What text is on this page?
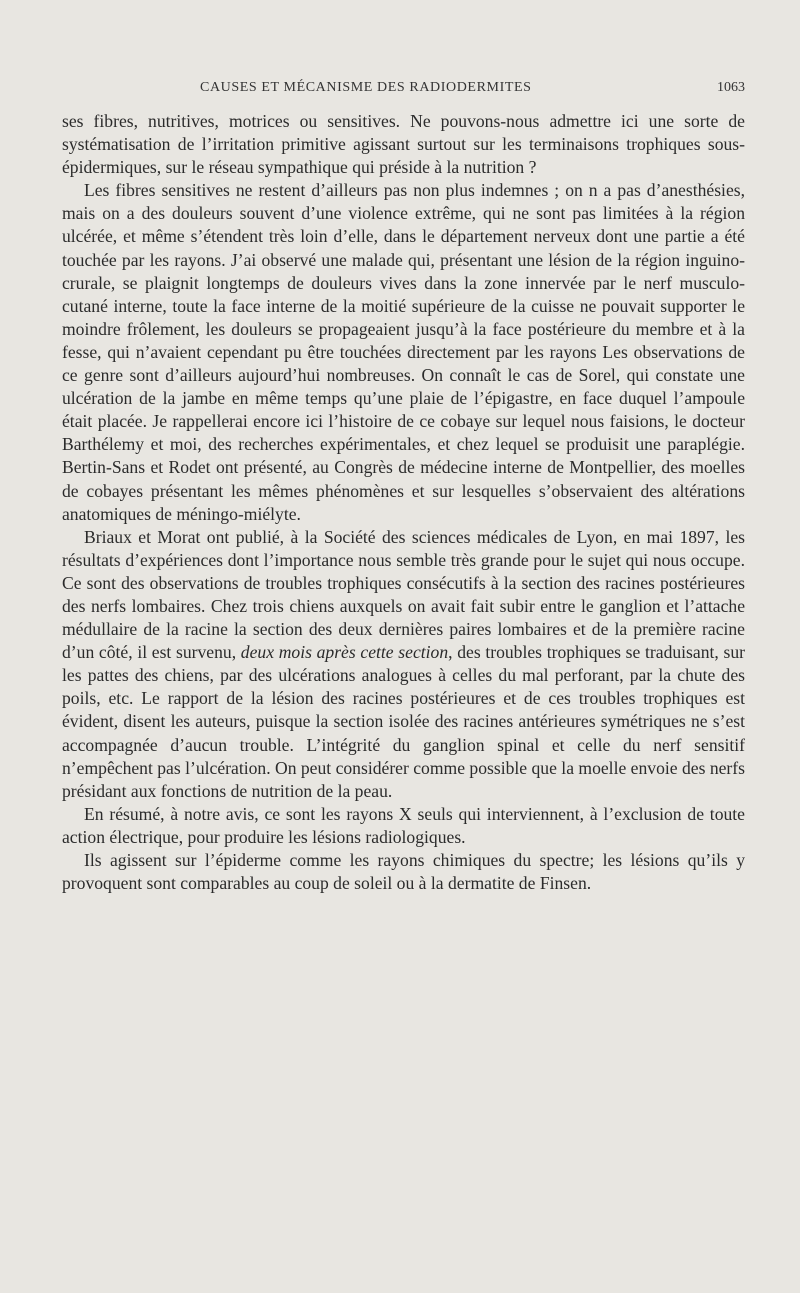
CAUSES ET MÉCANISME DES RADIODERMITES	1063

ses fibres, nutritives, motrices ou sensitives. Ne pouvons-nous admettre ici une sorte de systématisation de l’irritation primitive agissant surtout sur les terminaisons trophiques sous-épidermiques, sur le réseau sympathique qui préside à la nutrition ?

Les fibres sensitives ne restent d’ailleurs pas non plus indemnes ; on n a pas d’anesthésies, mais on a des douleurs souvent d’une violence extrême, qui ne sont pas limitées à la région ulcérée, et même s’étendent très loin d’elle, dans le département nerveux dont une partie a été touchée par les rayons. J’ai observé une malade qui, présentant une lésion de la région inguino-crurale, se plaignit longtemps de douleurs vives dans la zone innervée par le nerf musculo-cutané interne, toute la face interne de la moitié supérieure de la cuisse ne pouvait supporter le moindre frôlement, les douleurs se propageaient jusqu’à la face postérieure du membre et à la fesse, qui n’avaient cependant pu être touchées directement par les rayons Les observations de ce genre sont d’ailleurs aujourd’hui nombreuses. On connaît le cas de Sorel, qui constate une ulcération de la jambe en même temps qu’une plaie de l’épigastre, en face duquel l’ampoule était placée. Je rappellerai encore ici l’histoire de ce cobaye sur lequel nous faisions, le docteur Barthélemy et moi, des recherches expérimentales, et chez lequel se produisit une paraplégie. Bertin-Sans et Rodet ont présenté, au Congrès de médecine interne de Montpellier, des moelles de cobayes présentant les mêmes phénomènes et sur lesquelles s’observaient des altérations anatomiques de méningo-miélyte.

Briaux et Morat ont publié, à la Société des sciences médicales de Lyon, en mai 1897, les résultats d’expériences dont l’importance nous semble très grande pour le sujet qui nous occupe. Ce sont des observations de troubles trophiques consécutifs à la section des racines postérieures des nerfs lombaires. Chez trois chiens auxquels on avait fait subir entre le ganglion et l’attache médullaire de la racine la section des deux dernières paires lombaires et de la première racine d’un côté, il est survenu, deux mois après cette section, des troubles trophiques se traduisant, sur les pattes des chiens, par des ulcérations analogues à celles du mal perforant, par la chute des poils, etc. Le rapport de la lésion des racines postérieures et de ces troubles trophiques est évident, disent les auteurs, puisque la section isolée des racines antérieures symétriques ne s’est accompagnée d’aucun trouble. L’intégrité du ganglion spinal et celle du nerf sensitif n’empêchent pas l’ulcération. On peut considérer comme possible que la moelle envoie des nerfs présidant aux fonctions de nutrition de la peau.

En résumé, à notre avis, ce sont les rayons X seuls qui interviennent, à l’exclusion de toute action électrique, pour produire les lésions radiologiques.

Ils agissent sur l’épiderme comme les rayons chimiques du spectre; les lésions qu’ils y provoquent sont comparables au coup de soleil ou à la dermatite de Finsen.
